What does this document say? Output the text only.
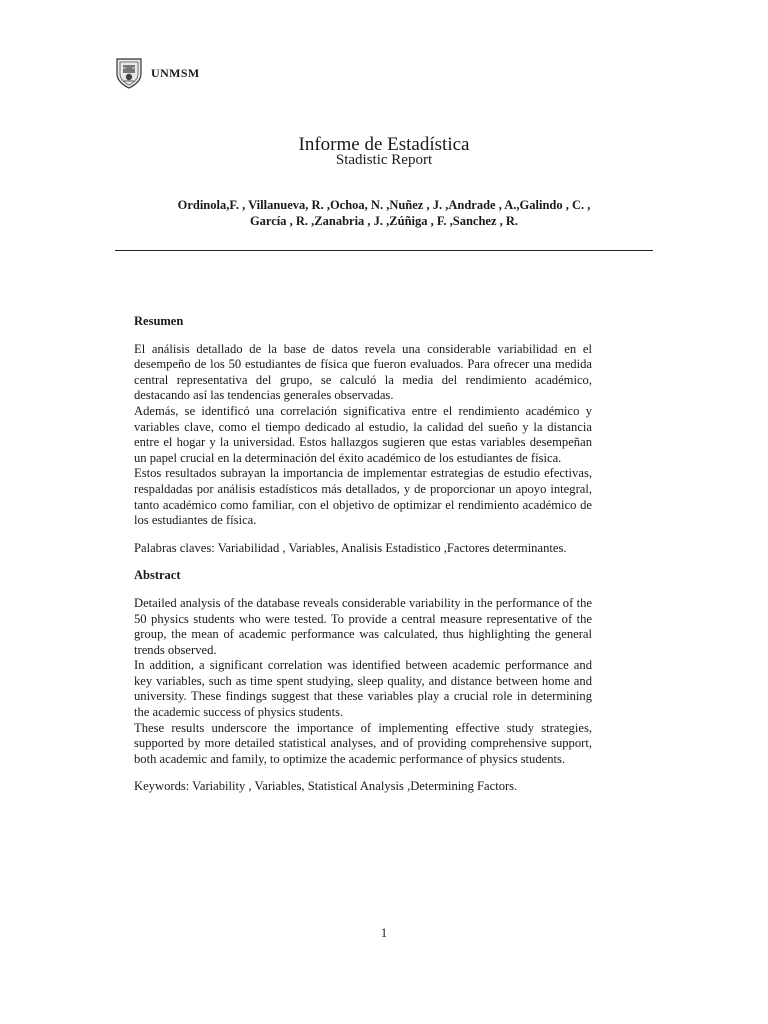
UNMSM
Informe de Estadística
Stadistic Report
Ordinola,F. , Villanueva, R. ,Ochoa, N. ,Nuñez , J. ,Andrade , A.,Galindo , C. ,
García , R. ,Zanabria , J. ,Zúñiga , F. ,Sanchez , R.
Resumen

El análisis detallado de la base de datos revela una considerable variabilidad en el desempeño de los 50 estudiantes de física que fueron evaluados. Para ofrecer una medida central representativa del grupo, se calculó la media del rendimiento académico, destacando así las tendencias generales observadas.

Además, se identificó una correlación significativa entre el rendimiento académico y variables clave, como el tiempo dedicado al estudio, la calidad del sueño y la distancia entre el hogar y la universidad. Estos hallazgos sugieren que estas variables desempeñan un papel crucial en la determinación del éxito académico de los estudiantes de física.

Estos resultados subrayan la importancia de implementar estrategias de estudio efectivas, respaldadas por análisis estadísticos más detallados, y de proporcionar un apoyo integral, tanto académico como familiar, con el objetivo de optimizar el rendimiento académico de los estudiantes de física.

Palabras claves: Variabilidad , Variables, Analisis Estadistico ,Factores determinantes.

Abstract

Detailed analysis of the database reveals considerable variability in the performance of the 50 physics students who were tested. To provide a central measure representative of the group, the mean of academic performance was calculated, thus highlighting the general trends observed.

In addition, a significant correlation was identified between academic performance and key variables, such as time spent studying, sleep quality, and distance between home and university. These findings suggest that these variables play a crucial role in determining the academic success of physics students.

These results underscore the importance of implementing effective study strategies, supported by more detailed statistical analyses, and of providing comprehensive support, both academic and family, to optimize the academic performance of physics students.

Keywords: Variability , Variables, Statistical Analysis ,Determining Factors.

1
